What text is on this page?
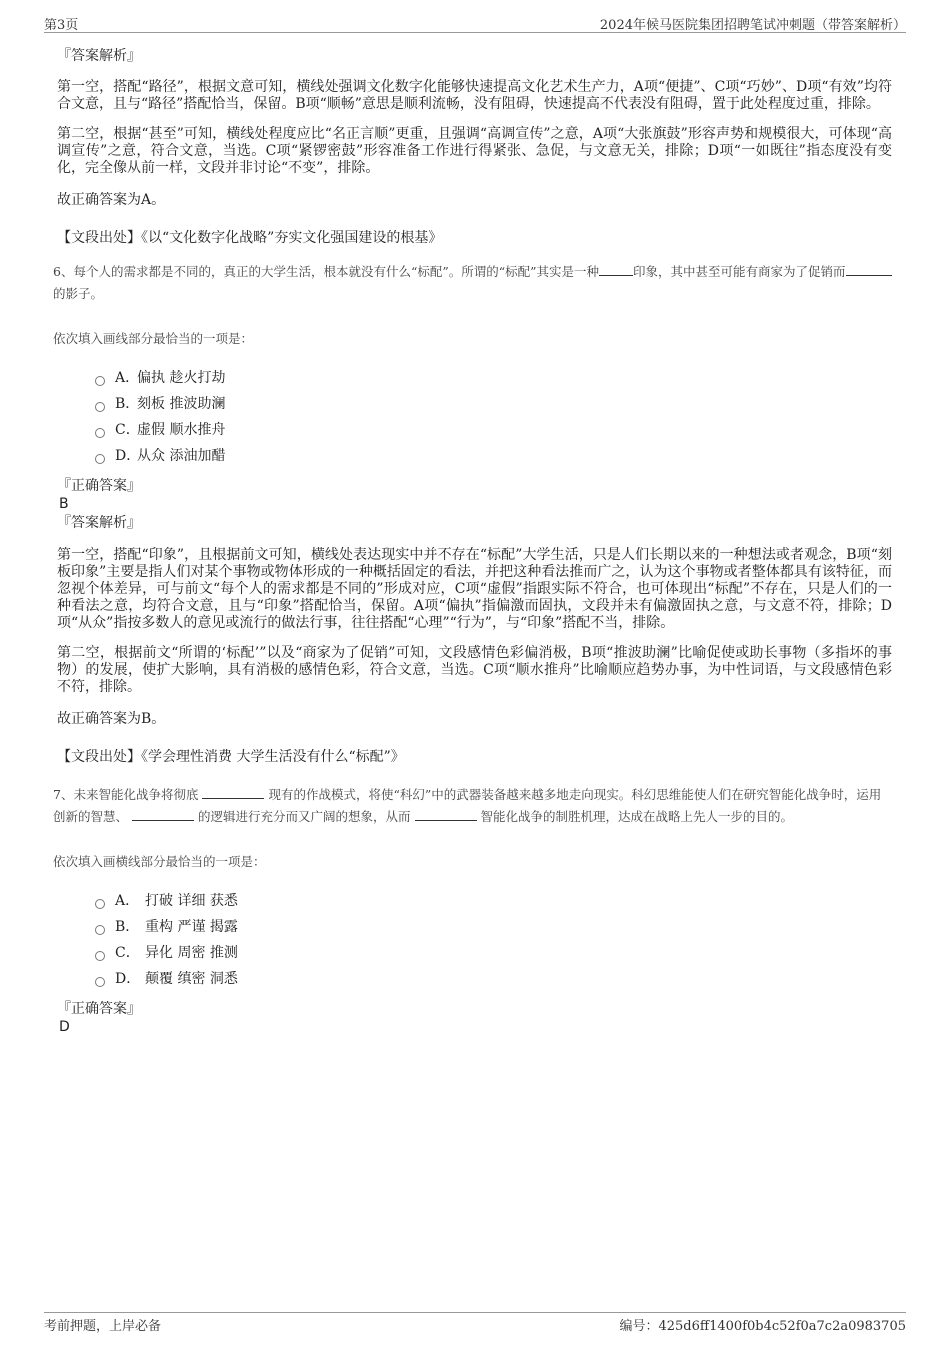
第3页	2024年候马医院集团招聘笔试冲刺题（带答案解析）

『答案解析』

第一空，搭配“路径”，根据文意可知，横线处强调文化数字化能够快速提高文化艺术生产力，A项“便捷”、C项“巧妙”、D项“有效”均符合文意，且与“路径”搭配恰当，保留。B项“顺畅”意思是顺利流畅，没有阻碍，快速提高不代表没有阻碍，置于此处程度过重，排除。

第二空，根据“甚至”可知，横线处程度应比“名正言顺”更重，且强调“高调宣传”之意，A项“大张旗鼓”形容声势和规模很大，可体现“高调宣传”之意，符合文意，当选。C项“紧锣密鼓”形容准备工作进行得紧张、急促，与文意无关，排除；D项“一如既往”指态度没有变化，完全像从前一样，文段并非讨论“不变”，排除。

故正确答案为A。

【文段出处】《以“文化数字化战略”夯实文化强国建设的根基》

6、每个人的需求都是不同的，真正的大学生活，根本就没有什么“标配”。所谓的“标配”其实是一种	印象，其中甚至可能有商家为了促销而的影子。
依次填入画线部分最恰当的一项是：
A．
偏执 趁火打劫
B．
刻板 推波助澜
C．
虚假 顺水推舟
D．
从众 添油加醋

『正确答案』

B

『答案解析』

第一空，搭配“印象”，且根据前文可知，横线处表达现实中并不存在“标配”大学生活，只是人们长期以来的一种想法或者观念，B项“刻板印象”主要是指人们对某个事物或物体形成的一种概括固定的看法，并把这种看法推而广之，认为这个事物或者整体都具有该特征，而忽视个体差异，可与前文“每个人的需求都是不同的”形成对应，C项“虚假”指跟实际不符合，也可体现出“标配”不存在，只是人们的一种看法之意，均符合文意，且与“印象”搭配恰当，保留。A项“偏执”指偏激而固执，文段并未有偏激固执之意，与文意不符，排除；D项“从众”指按多数人的意见或流行的做法行事，往往搭配“心理”“行为”，与“印象”搭配不当，排除。

第二空，根据前文“所谓的‘标配’”以及“商家为了促销”可知，文段感情色彩偏消极，B项“推波助澜”比喻促使或助长事物（多指坏的事物）的发展，使扩大影响，具有消极的感情色彩，符合文意，当选。C项“顺水推舟”比喻顺应趋势办事，为中性词语，与文段感情色彩不符，排除。

故正确答案为B。

【文段出处】《学会理性消费 大学生活没有什么“标配”》

7、未来智能化战争将彻底	现有的作战模式，将使“科幻”中的武器装备越来越多地走向现实。科幻思维能使人们在研究智能化战争时，运用创新的智慧、	的逻辑进行充分而又广阔的想象，从而	智能化战争的制胜机理，达成在战略上先人一步的目的。
依次填入画横线部分最恰当的一项是：
A． 打破 详细 获悉
B． 重构 严谨 揭露
C． 异化 周密 推测
D． 颠覆 缜密 洞悉

『正确答案』

D

考前押题，上岸必备	编号：425d6ff1400f0b4c52f0a7c2a0983705
